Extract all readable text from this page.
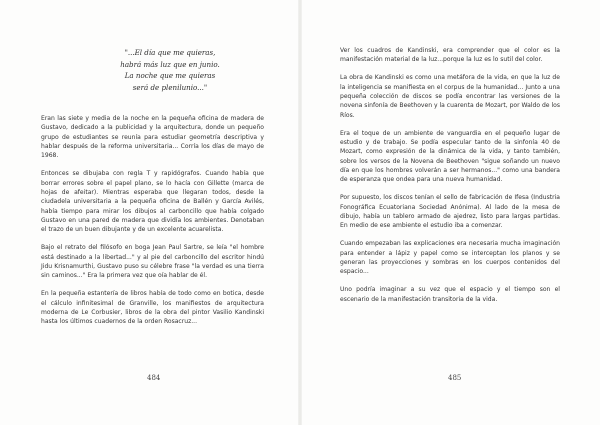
"...El día que me quieras,
habrá más luz que en junio.
La noche que me quieras
será de plenilunio..."

Eran las siete y media de la noche en la pequeña oficina de madera de Gustavo, dedicado a la publicidad y la arquitectura, donde un pequeño grupo de estudiantes se reunía para estudiar geometría descriptiva y hablar después de la reforma universitaria... Corría los días de mayo de 1968.

Entonces se dibujaba con regla T y rapidógrafos. Cuando había que borrar errores sobre el papel plano, se lo hacía con Gillette (marca de hojas de afeitar). Mientras esperaba que llegaran todos, desde la ciudadela universitaria a la pequeña oficina de Ballén y García Avilés, había tiempo para mirar los dibujos al carboncillo que había colgado Gustavo en una pared de madera que dividía los ambientes. Denotaban el trazo de un buen dibujante y de un excelente acuarelista.

Bajo el retrato del filósofo en boga Jean Paul Sartre, se leía "el hombre está destinado a la libertad..." y al pie del carboncillo del escritor hindú Jidu Krisnamurthi, Gustavo puso su célebre frase "la verdad es una tierra sin caminos..." Era la primera vez que oía hablar de él.

En la pequeña estantería de libros había de todo como en botica, desde el cálculo infinitesimal de Granville, los manifiestos de arquitectura moderna de Le Corbusier, libros de la obra del pintor Vasilio Kandinski hasta los últimos cuadernos de la orden Rosacruz...

484

Ver los cuadros de Kandinski, era comprender que el color es la manifestación material de la luz...porque la luz es lo sutil del color.

La obra de Kandinski es como una metáfora de la vida, en que la luz de la inteligencia se manifiesta en el corpus de la humanidad... Junto a una pequeña colección de discos se podía encontrar las versiones de la novena sinfonía de Beethoven y la cuarenta de Mozart, por Waldo de los Ríos.

Era el toque de un ambiente de vanguardia en el pequeño lugar de estudio y de trabajo. Se podía especular tanto de la sinfonía 40 de Mozart, como expresión de la dinámica de la vida, y tanto también, sobre los versos de la Novena de Beethoven "sigue soñando un nuevo día en que los hombres volverán a ser hermanos..." como una bandera de esperanza que ondea para una nueva humanidad.

Por supuesto, los discos tenían el sello de fabricación de Ifesa (Industria Fonográfica Ecuatoriana Sociedad Anónima). Al lado de la mesa de dibujo, había un tablero armado de ajedrez, listo para largas partidas. En medio de ese ambiente el estudio iba a comenzar.

Cuando empezaban las explicaciones era necesaria mucha imaginación para entender a lápiz y papel como se interceptan los planos y se generan las proyecciones y sombras en los cuerpos contenidos del espacio...

Uno podría imaginar a su vez que el espacio y el tiempo son el escenario de la manifestación transitoria de la vida.

485
